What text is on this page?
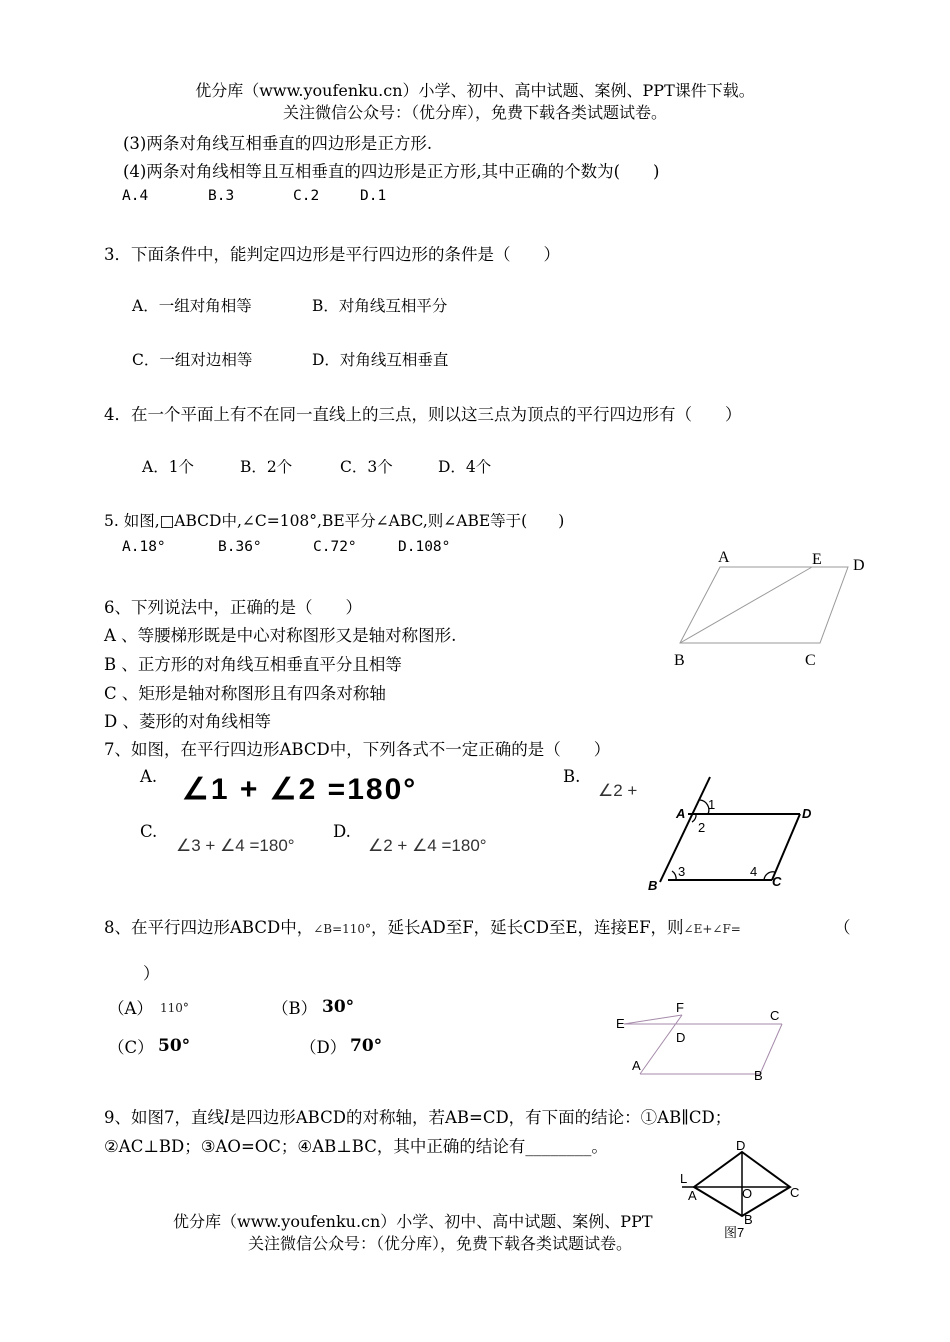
优分库（www.youfenku.cn）小学、初中、高中试题、案例、PPT课件下载。
关注微信公众号：（优分库），免费下载各类试题试卷。
(3)两条对角线互相垂直的四边形是正方形.
(4)两条对角线相等且互相垂直的四边形是正方形,其中正确的个数为(　　)
A.4	B.3	C.2	D.1
3．下面条件中，能判定四边形是平行四边形的条件是（　　）
A．一组对角相等	B．对角线互相平分
C．一组对边相等	D．对角线互相垂直
4．在一个平面上有不在同一直线上的三点，则以这三点为顶点的平行四边形有（　　）
A．1个	B．2个	C．3个	D．4个
5. 如图,□ABCD中,∠C=108°,BE平分∠ABC,则∠ABE等于(　　)
A.18°	B.36°	C.72°	D.108°
A	E D
B	C
6、下列说法中，正确的是（　　）
A 、等腰梯形既是中心对称图形又是轴对称图形.
B 、正方形的对角线互相垂直平分且相等
C 、矩形是轴对称图形且有四条对称轴
D 、菱形的对角线相等
7、如图，在平行四边形ABCD中，下列各式不一定正确的是（　　）
A. ∠1 + ∠2 =180°	B.
∠2 +
C.
∠3 + ∠4 =180°
D.
∠2 + ∠4 =180°
A
1
2
D
3	4
B	C
8、在平行四边形ABCD中，∠B=110°，延长AD至F，延长CD至E，连接EF，则∠E+∠F=	（
）
（A） 110°	（B） 30°
（C） 50°	（D） 70°
E
F
C
D
A
B
9、如图7，直线l是四边形ABCD的对称轴，若AB=CD，有下面的结论：①AB∥CD；
②AC⊥BD；③AO=OC；④AB⊥BC，其中正确的结论有________。	D
L
A	O	C
B
图7
优分库（www.youfenku.cn）小学、初中、高中试题、案例、PPT
关注微信公众号：（优分库），免费下载各类试题试卷。
